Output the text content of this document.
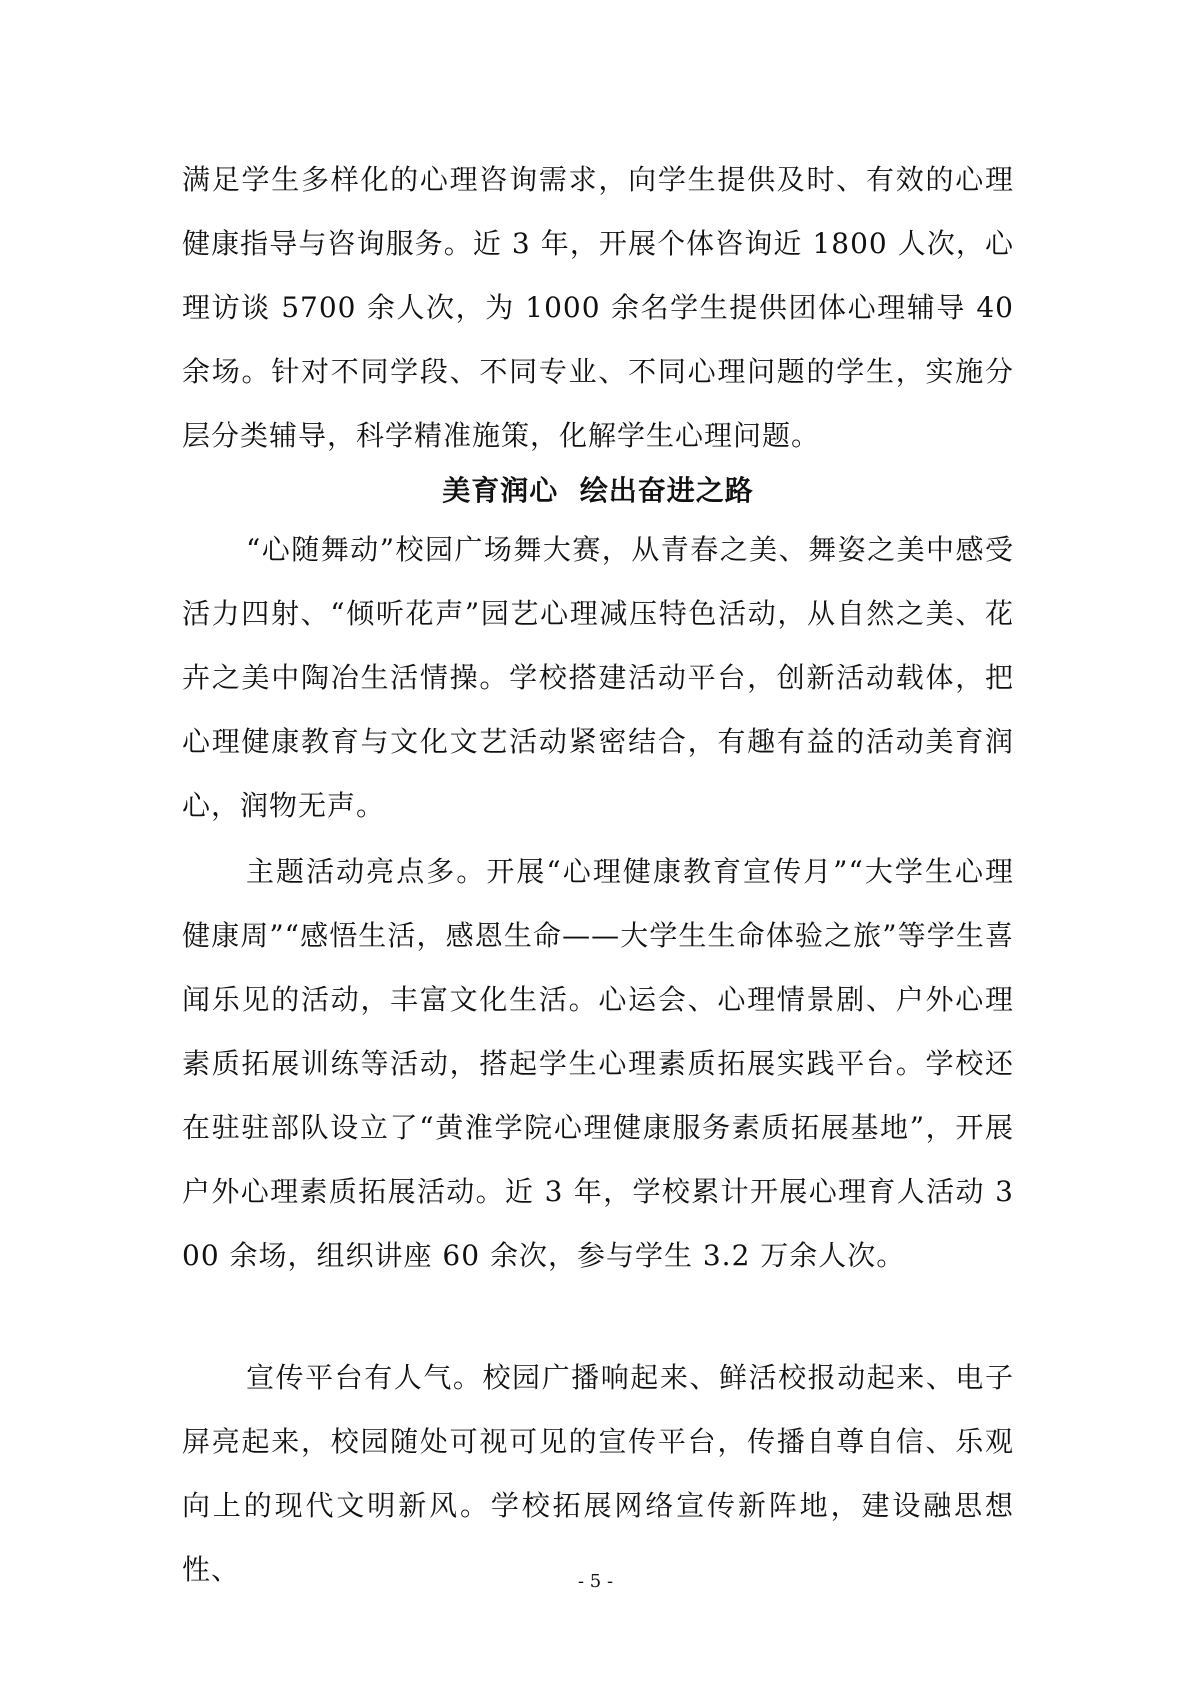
满足学生多样化的心理咨询需求，向学生提供及时、有效的心理健康指导与咨询服务。近 3 年，开展个体咨询近 1800 人次，心理访谈 5700 余人次，为 1000 余名学生提供团体心理辅导 40 余场。针对不同学段、不同专业、不同心理问题的学生，实施分层分类辅导，科学精准施策，化解学生心理问题。

美育润心  绘出奋进之路

“心随舞动”校园广场舞大赛，从青春之美、舞姿之美中感受活力四射、“倾听花声”园艺心理减压特色活动，从自然之美、花卉之美中陶冶生活情操。学校搭建活动平台，创新活动载体，把心理健康教育与文化文艺活动紧密结合，有趣有益的活动美育润心，润物无声。

主题活动亮点多。开展“心理健康教育宣传月”“大学生心理健康周”“感悟生活，感恩生命——大学生生命体验之旅”等学生喜闻乐见的活动，丰富文化生活。心运会、心理情景剧、户外心理素质拓展训练等活动，搭起学生心理素质拓展实践平台。学校还在驻驻部队设立了“黄淮学院心理健康服务素质拓展基地”，开展户外心理素质拓展活动。近 3 年，学校累计开展心理育人活动 300 余场，组织讲座 60 余次，参与学生 3.2 万余人次。

宣传平台有人气。校园广播响起来、鲜活校报动起来、电子屏亮起来，校园随处可视可见的宣传平台，传播自尊自信、乐观向上的现代文明新风。学校拓展网络宣传新阵地，建设融思想性、	- 5 -
